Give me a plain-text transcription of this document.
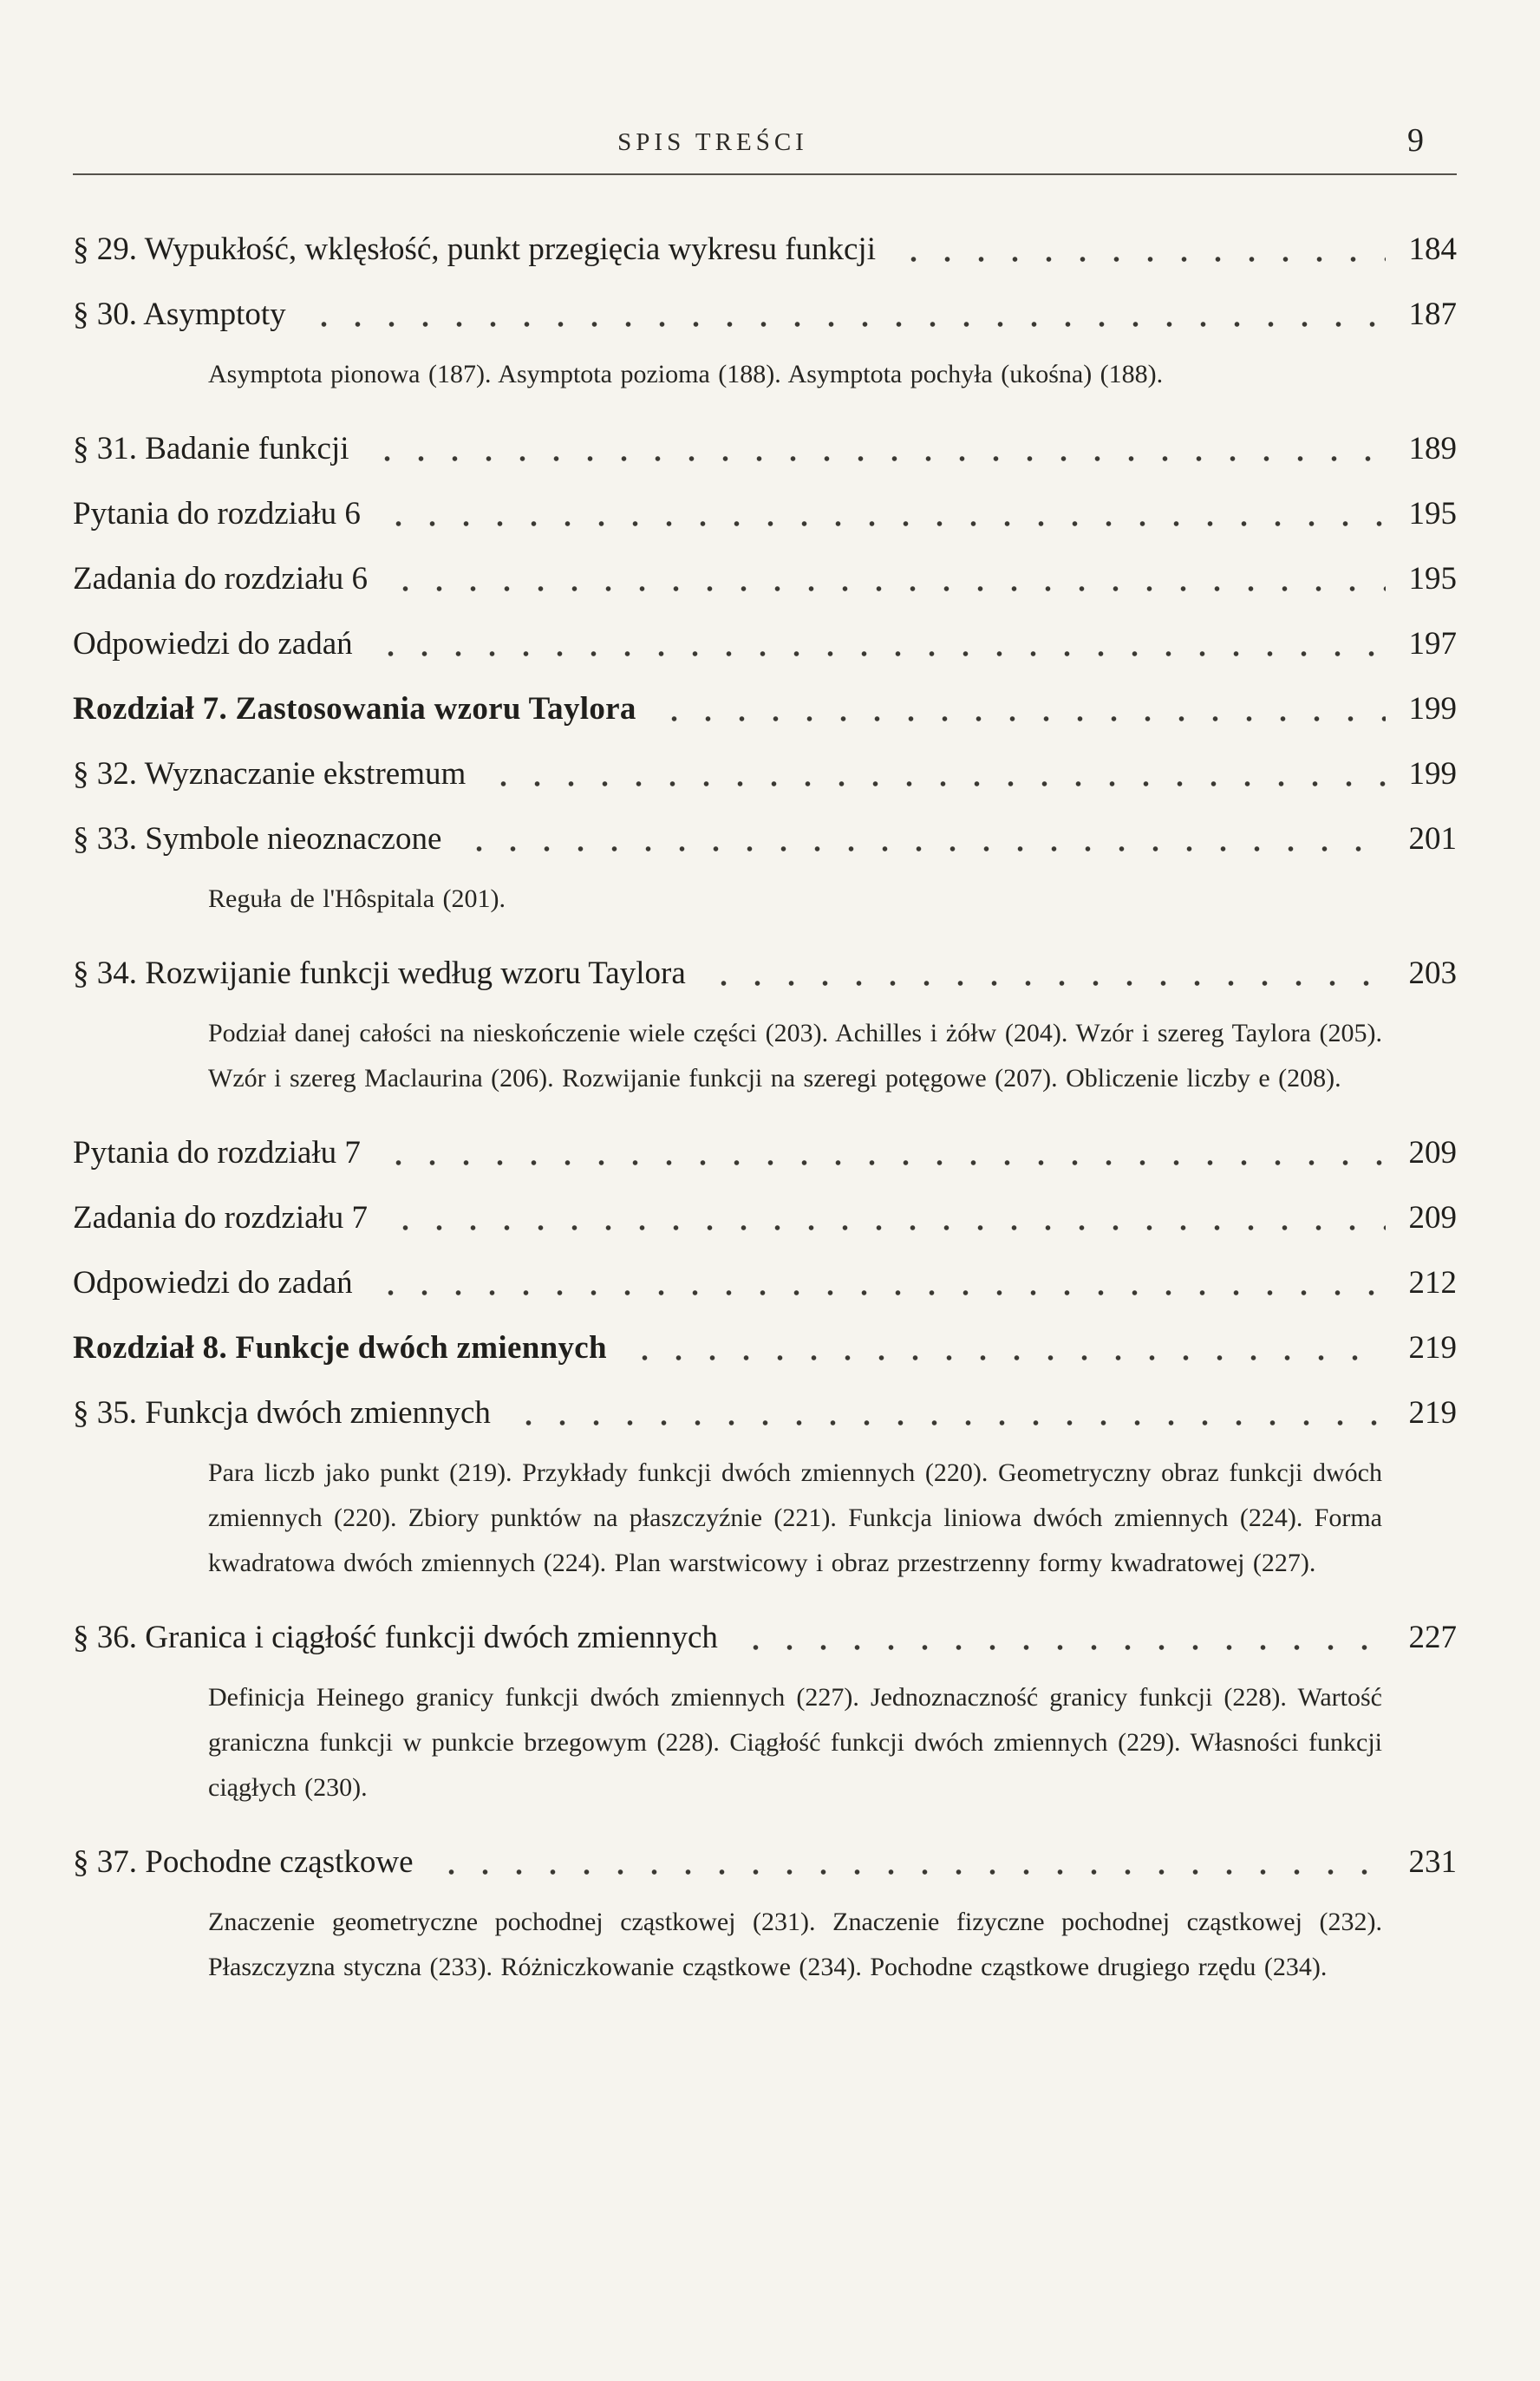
SPIS TREŚCI	9
§ 29. Wypukłość, wklęsłość, punkt przegięcia wykresu funkcji	184
§ 30. Asymptoty	187

Asymptota pionowa (187). Asymptota pozioma (188). Asymptota pochyła (ukośna) (188).

§ 31. Badanie funkcji	189
Pytania do rozdziału 6	195
Zadania do rozdziału 6	195
Odpowiedzi do zadań	197
Rozdział 7. Zastosowania wzoru Taylora	199
§ 32. Wyznaczanie ekstremum	199
§ 33. Symbole nieoznaczone	201

Reguła de l'Hôspitala (201).

§ 34. Rozwijanie funkcji według wzoru Taylora	203

Podział danej całości na nieskończenie wiele części (203). Achilles i żółw (204). Wzór i szereg Taylora (205). Wzór i szereg Maclaurina (206). Rozwijanie funkcji na szeregi potęgowe (207). Obliczenie liczby e (208).

Pytania do rozdziału 7	209
Zadania do rozdziału 7	209
Odpowiedzi do zadań	212
Rozdział 8. Funkcje dwóch zmiennych	219
§ 35. Funkcja dwóch zmiennych	219

Para liczb jako punkt (219). Przykłady funkcji dwóch zmiennych (220). Geometryczny obraz funkcji dwóch zmiennych (220). Zbiory punktów na płaszczyźnie (221). Funkcja liniowa dwóch zmiennych (224). Forma kwadratowa dwóch zmiennych (224). Plan warstwicowy i obraz przestrzenny formy kwadratowej (227).

§ 36. Granica i ciągłość funkcji dwóch zmiennych	227

Definicja Heinego granicy funkcji dwóch zmiennych (227). Jednoznaczność granicy funkcji (228). Wartość graniczna funkcji w punkcie brzegowym (228). Ciągłość funkcji dwóch zmiennych (229). Własności funkcji ciągłych (230).

§ 37. Pochodne cząstkowe	231

Znaczenie geometryczne pochodnej cząstkowej (231). Znaczenie fizyczne pochodnej cząstkowej (232). Płaszczyzna styczna (233). Różniczkowanie cząstkowe (234). Pochodne cząstkowe drugiego rzędu (234).
